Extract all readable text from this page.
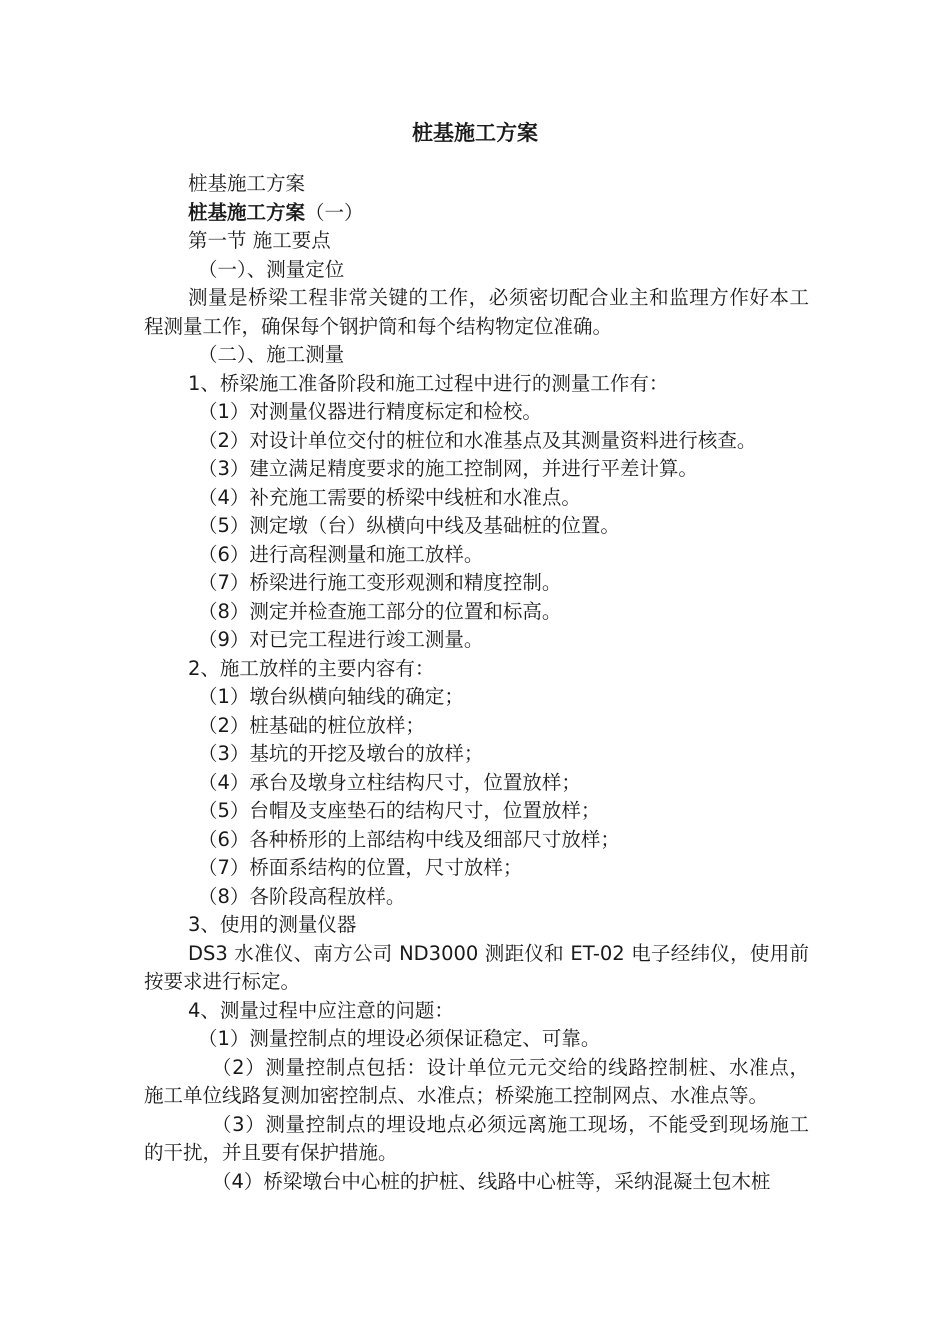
桩基施工方案

桩基施工方案

桩基施工方案（一）

第一节 施工要点

（一）、测量定位

测量是桥梁工程非常关键的工作，必须密切配合业主和监理方作好本工程测量工作，确保每个钢护筒和每个结构物定位准确。

（二）、施工测量

1、桥梁施工准备阶段和施工过程中进行的测量工作有：

（1）对测量仪器进行精度标定和检校。

（2）对设计单位交付的桩位和水准基点及其测量资料进行核查。

（3）建立满足精度要求的施工控制网，并进行平差计算。

（4）补充施工需要的桥梁中线桩和水准点。

（5）测定墩（台）纵横向中线及基础桩的位置。

（6）进行高程测量和施工放样。

（7）桥梁进行施工变形观测和精度控制。

（8）测定并检查施工部分的位置和标高。

（9）对已完工程进行竣工测量。

2、施工放样的主要内容有：

（1）墩台纵横向轴线的确定；

（2）桩基础的桩位放样；

（3）基坑的开挖及墩台的放样；

（4）承台及墩身立柱结构尺寸，位置放样；

（5）台帽及支座垫石的结构尺寸，位置放样；

（6）各种桥形的上部结构中线及细部尺寸放样；

（7）桥面系结构的位置，尺寸放样；

（8）各阶段高程放样。

3、使用的测量仪器

DS3 水准仪、南方公司 ND3000 测距仪和 ET-02 电子经纬仪，使用前按要求进行标定。

4、测量过程中应注意的问题：

（1）测量控制点的埋设必须保证稳定、可靠。

（2）测量控制点包括：设计单位元元交给的线路控制桩、水准点，施工单位线路复测加密控制点、水准点；桥梁施工控制网点、水准点等。

（3）测量控制点的埋设地点必须远离施工现场，不能受到现场施工的干扰，并且要有保护措施。

（4）桥梁墩台中心桩的护桩、线路中心桩等，采纳混凝土包木桩
